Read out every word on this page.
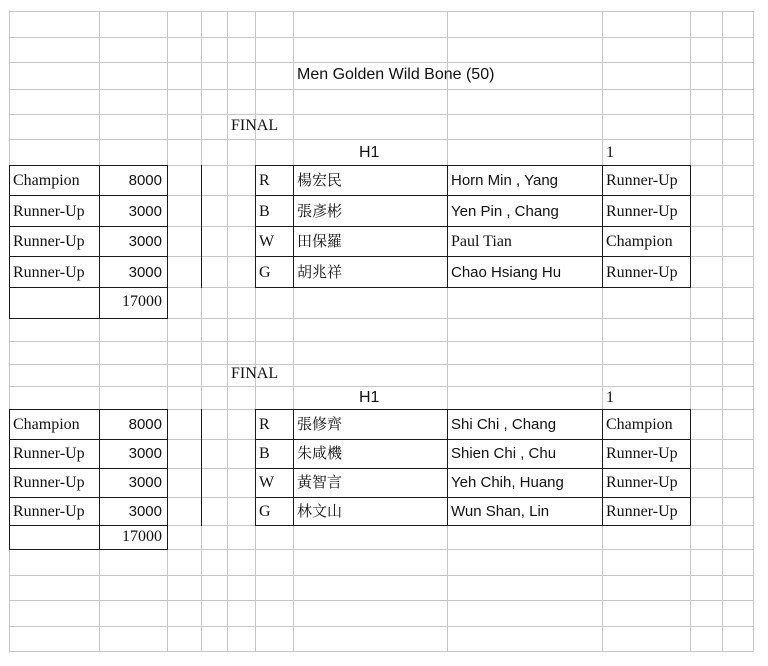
Men Golden Wild Bone (50)
FINAL
H1	1
Champion	8000
Runner-Up	3000
Runner-Up	3000
Runner-Up	3000
17000
R 楊宏民	Horn Min , Yang	Runner-Up
B 張彥彬	Yen Pin , Chang	Runner-Up
W 田保羅	Paul Tian	Champion
G 胡兆祥	Chao Hsiang Hu	Runner-Up
FINAL
H1	1
Champion	8000
Runner-Up	3000
Runner-Up	3000
Runner-Up	3000
17000
R 張修齊	Shi Chi , Chang	Champion
B 朱咸機	Shien Chi , Chu	Runner-Up
W 黃智言	Yeh Chih, Huang	Runner-Up
G 林文山	Wun Shan, Lin	Runner-Up
